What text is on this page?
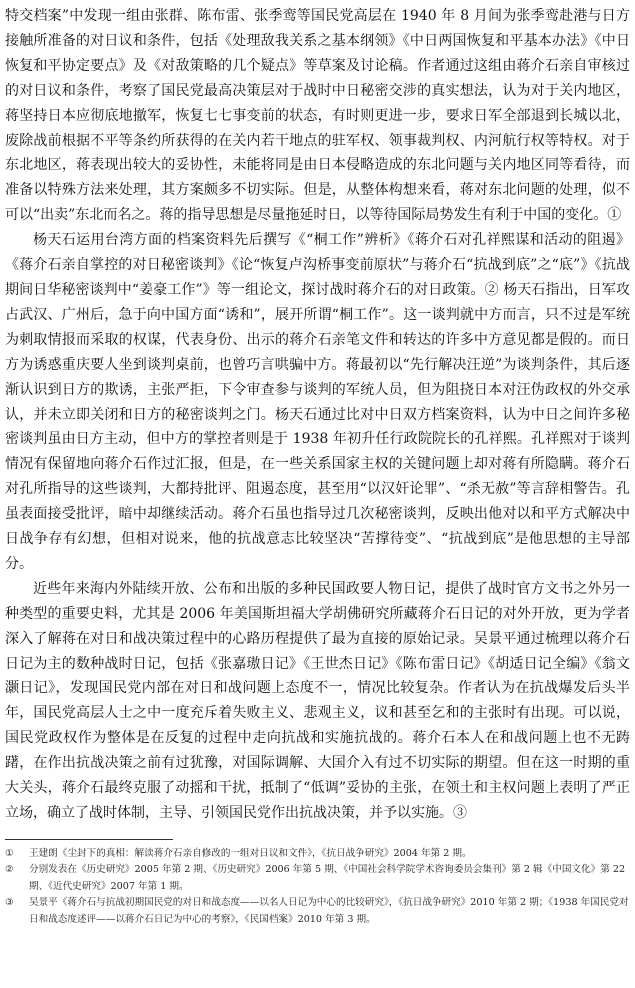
特交档案”中发现一组由张群、陈布雷、张季鸾等国民党高层在 1940 年 8 月间为张季鸾赴港与日方接触所准备的对日议和条件，包括《处理敌我关系之基本纲领》《中日两国恢复和平基本办法》《中日恢复和平协定要点》及《对敌策略的几个疑点》等草案及讨论稿。作者通过这组由蒋介石亲自审核过的对日议和条件，考察了国民党最高决策层对于战时中日秘密交涉的真实想法，认为对于关内地区，蒋坚持日本应彻底地撤军，恢复七七事变前的状态，有时则更进一步，要求日军全部退到长城以北，废除战前根据不平等条约所获得的在关内若干地点的驻军权、领事裁判权、内河航行权等特权。对于东北地区，蒋表现出较大的妥协性，未能将同是由日本侵略造成的东北问题与关内地区同等看待，而准备以特殊方法来处理，其方案颇多不切实际。但是，从整体构想来看，蒋对东北问题的处理，似不可以“出卖”东北而名之。蒋的指导思想是尽量拖延时日，以等待国际局势发生有利于中国的变化。①

杨天石运用台湾方面的档案资料先后撰写《“桐工作”辨析》《蒋介石对孔祥熙谋和活动的阻遏》《蒋介石亲自掌控的对日秘密谈判》《论“恢复卢沟桥事变前原状”与蒋介石“抗战到底”之“底”》《抗战期间日华秘密谈判中“姜豪工作”》等一组论文，探讨战时蒋介石的对日政策。② 杨天石指出，日军攻占武汉、广州后，急于向中国方面“诱和”，展开所谓“桐工作”。这一谈判就中方而言，只不过是军统为刺取情报而采取的权谋，代表身份、出示的蒋介石亲笔文件和转达的许多中方意见都是假的。而日方为诱惑重庆要人坐到谈判桌前，也曾巧言哄骗中方。蒋最初以“先行解决汪逆”为谈判条件，其后逐渐认识到日方的欺诱，主张严拒，下令审查参与谈判的军统人员，但为阻挠日本对汪伪政权的外交承认，并未立即关闭和日方的秘密谈判之门。杨天石通过比对中日双方档案资料，认为中日之间许多秘密谈判虽由日方主动，但中方的掌控者则是于 1938 年初升任行政院院长的孔祥熙。孔祥熙对于谈判情况有保留地向蒋介石作过汇报，但是，在一些关系国家主权的关键问题上却对蒋有所隐瞒。蒋介石对孔所指导的这些谈判，大都持批评、阻遏态度，甚至用“以汉奸论罪”、“杀无赦”等言辞相警告。孔虽表面接受批评，暗中却继续活动。蒋介石虽也指导过几次秘密谈判，反映出他对以和平方式解决中日战争存有幻想，但相对说来，他的抗战意志比较坚决“苦撑待变”、“抗战到底”是他思想的主导部分。

近些年来海内外陆续开放、公布和出版的多种民国政要人物日记，提供了战时官方文书之外另一种类型的重要史料，尤其是 2006 年美国斯坦福大学胡佛研究所藏蒋介石日记的对外开放，更为学者深入了解蒋在对日和战决策过程中的心路历程提供了最为直接的原始记录。吴景平通过梳理以蒋介石日记为主的数种战时日记，包括《张嘉璈日记》《王世杰日记》《陈布雷日记》《胡适日记全编》《翁文灏日记》，发现国民党内部在对日和战问题上态度不一，情况比较复杂。作者认为在抗战爆发后头半年，国民党高层人士之中一度充斥着失败主义、悲观主义，议和甚至乞和的主张时有出现。可以说，国民党政权作为整体是在反复的过程中走向抗战和实施抗战的。蒋介石本人在和战问题上也不无踌躇，在作出抗战决策之前有过犹豫，对国际调解、大国介入有过不切实际的期望。但在这一时期的重大关头，蒋介石最终克服了动摇和干扰，抵制了“低调”妥协的主张，在领土和主权问题上表明了严正立场，确立了战时体制，主导、引领国民党作出抗战决策，并予以实施。③

① 王建朗《尘封下的真相：解读蒋介石亲自修改的一组对日议和文件》，《抗日战争研究》2004 年第 2 期。
② 分别发表在《历史研究》2005 年第 2 期、《历史研究》2006 年第 5 期、《中国社会科学院学术咨询委员会集刊》第 2 辑《中国文化》第 22 期、《近代史研究》2007 年第 1 期。
③ 吴景平《蒋介石与抗战初期国民党的对日和战态度——以名人日记为中心的比较研究》，《抗日战争研究》2010 年第 2 期；《1938 年国民党对日和战态度述评——以蒋介石日记为中心的考察》，《民国档案》2010 年第 3 期。
